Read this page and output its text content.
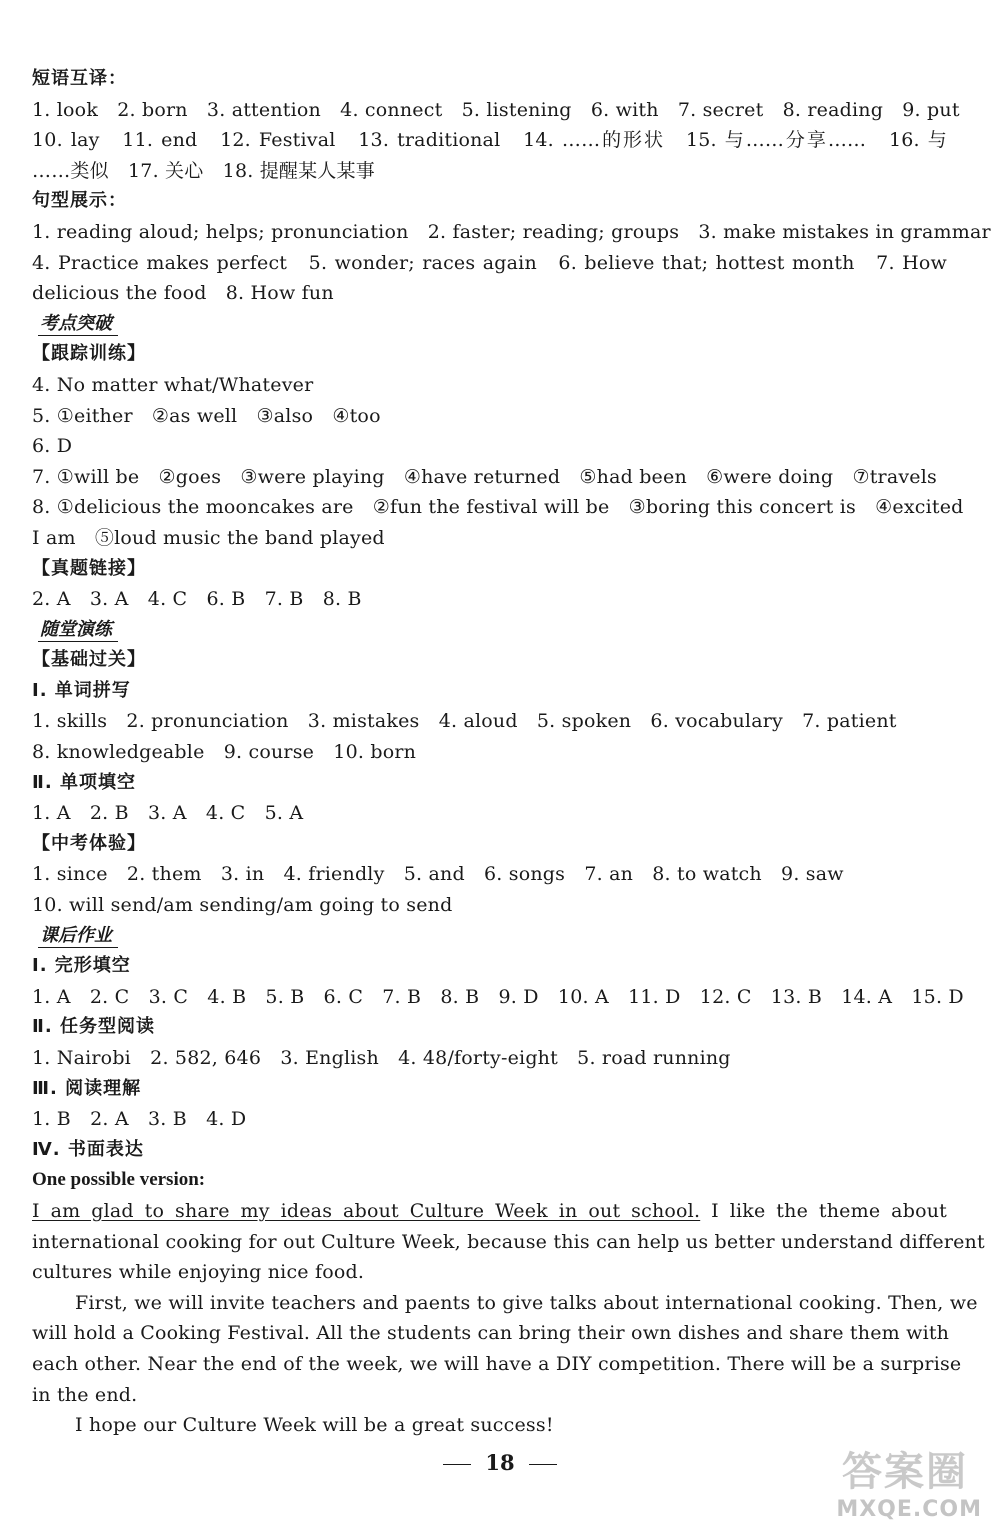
短语互译：
1. look　2. born　3. attention　4. connect　5. listening　6. with　7. secret　8. reading　9. put
10. lay　11. end　12. Festival　13. traditional　14. ……的形状　15. 与……分享……　16. 与
……类似　17. 关心　18. 提醒某人某事
句型展示：
1. reading aloud; helps; pronunciation　2. faster; reading; groups　3. make mistakes in grammar
4. Practice makes perfect　5. wonder; races again　6. believe that; hottest month　7. How
delicious the food　8. How fun
考点突破
【跟踪训练】
4. No matter what/Whatever
5. ①either　②as well　③also　④too
6. D
7. ①will be　②goes　③were playing　④have returned　⑤had been　⑥were doing　⑦travels
8. ①delicious the mooncakes are　②fun the festival will be　③boring this concert is　④excited
I am　⑤loud music the band played
【真题链接】
2. A　3. A　4. C　6. B　7. B　8. B
随堂演练
【基础过关】
Ⅰ. 单词拼写
1. skills　2. pronunciation　3. mistakes　4. aloud　5. spoken　6. vocabulary　7. patient
8. knowledgeable　9. course　10. born
Ⅱ. 单项填空
1. A　2. B　3. A　4. C　5. A
【中考体验】
1. since　2. them　3. in　4. friendly　5. and　6. songs　7. an　8. to watch　9. saw
10. will send/am sending/am going to send
课后作业
Ⅰ. 完形填空
1. A　2. C　3. C　4. B　5. B　6. C　7. B　8. B　9. D　10. A　11. D　12. C　13. B　14. A　15. D
Ⅱ. 任务型阅读
1. Nairobi　2. 582, 646　3. English　4. 48/forty-eight　5. road running
Ⅲ. 阅读理解
1. B　2. A　3. B　4. D
Ⅳ. 书面表达
One possible version:
I am glad to share my ideas about Culture Week in out school. I like the theme about
international cooking for out Culture Week, because this can help us better understand different
cultures while enjoying nice food.
First, we will invite teachers and paents to give talks about international cooking. Then, we
will hold a Cooking Festival. All the students can bring their own dishes and share them with
each other. Near the end of the week, we will have a DIY competition. There will be a surprise
in the end.
I hope our Culture Week will be a great success!
18	答案圈
MXQE.COM
